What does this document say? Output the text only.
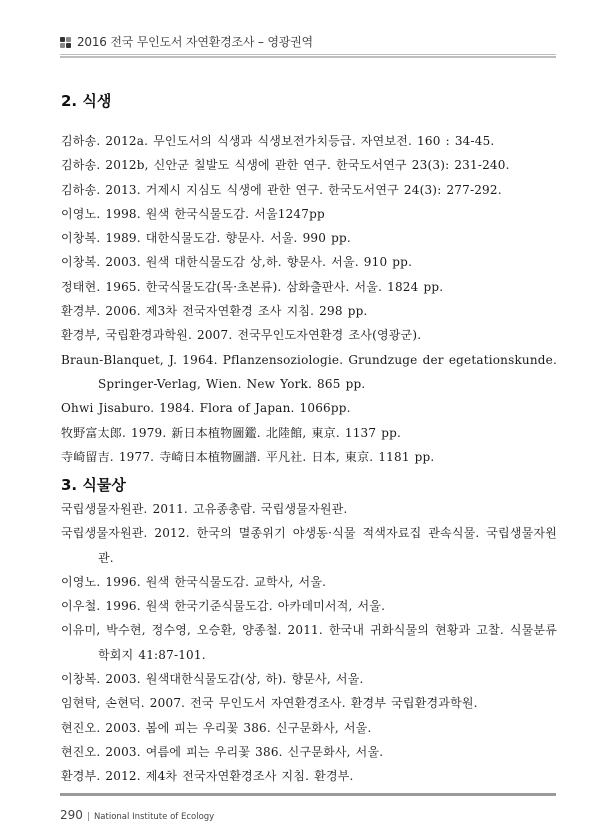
2016 전국 무인도서 자연환경조사 – 영광권역
2. 식생
김하송. 2012a. 무인도서의 식생과 식생보전가치등급. 자연보전. 160 : 34-45.
김하송. 2012b, 신안군 칠발도 식생에 관한 연구. 한국도서연구 23(3): 231-240.
김하송. 2013. 거제시 지심도 식생에 관한 연구. 한국도서연구 24(3): 277-292.
이영노. 1998. 원색 한국식물도감. 서울1247pp
이창복. 1989. 대한식물도감. 향문사. 서울. 990 pp.
이창복. 2003. 원색 대한식물도감 상,하. 향문사. 서울. 910 pp.
정태현. 1965. 한국식물도감(목·초본류). 삼화출판사. 서울. 1824 pp.
환경부. 2006. 제3차 전국자연환경 조사 지침. 298 pp.
환경부, 국립환경과학원. 2007. 전국무인도자연환경 조사(영광군).
Braun-Blanquet, J. 1964. Pflanzensoziologie. Grundzuge der egetationskunde. Springer-Verlag, Wien. New York. 865 pp.
Ohwi Jisaburo. 1984. Flora of Japan. 1066pp.
牧野富太郎. 1979. 新日本植物圖鑑. 北陸館, 東京. 1137 pp.
寺崎留吉. 1977. 寺崎日本植物圖譜. 平凡社. 日本, 東京. 1181 pp.
3. 식물상
국립생물자원관. 2011. 고유종총람. 국립생물자원관.
국립생물자원관. 2012. 한국의 멸종위기 야생동·식물 적색자료집 관속식물. 국립생물자원관.
이영노. 1996. 원색 한국식물도감. 교학사, 서울.
이우철. 1996. 원색 한국기준식물도감. 아카데미서적, 서울.
이유미, 박수현, 정수영, 오승환, 양종철. 2011. 한국내 귀화식물의 현황과 고찰. 식물분류학회지 41:87-101.
이창복. 2003. 원색대한식물도감(상, 하). 향문사, 서울.
임현탁, 손현덕. 2007. 전국 무인도서 자연환경조사. 환경부 국립환경과학원.
현진오. 2003. 봄에 피는 우리꽃 386. 신구문화사, 서울.
현진오. 2003. 여름에 피는 우리꽃 386. 신구문화사, 서울.
환경부. 2012. 제4차 전국자연환경조사 지침. 환경부.
290 | National Institute of Ecology
